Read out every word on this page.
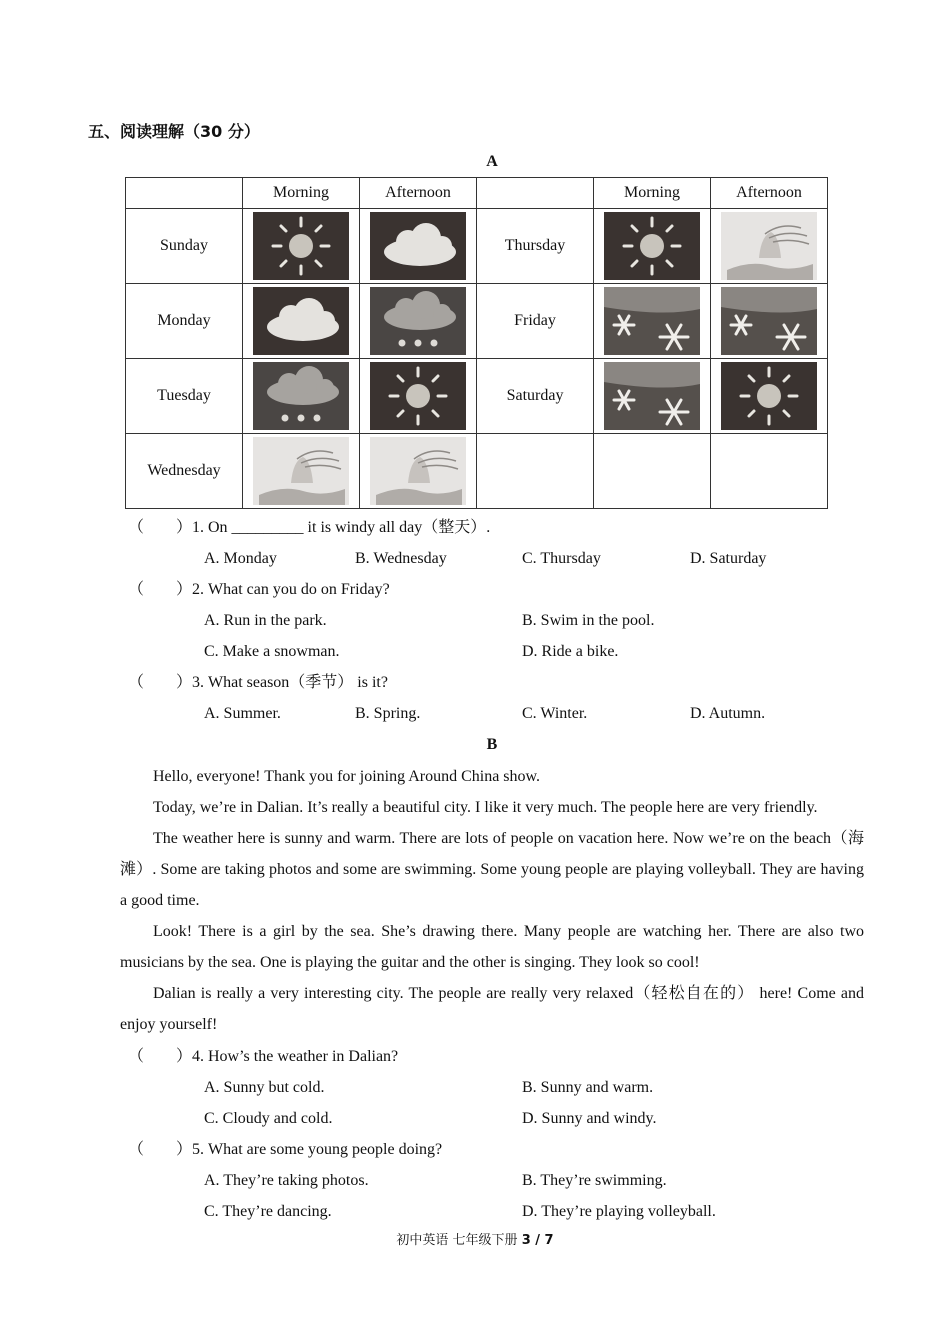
五、阅读理解（30 分）
A
	Morning	Afternoon		Morning	Afternoon
Sunday			Thursday	

Monday			Friday	

Tuesday			Saturday	

Wednesday	

（　　）1. On _________ it is windy all day（整天）.
A. Monday	B. Wednesday	C. Thursday	D. Saturday
（　　）2. What can you do on Friday?
A. Run in the park.	B. Swim in the pool.
C. Make a snowman.	D. Ride a bike.
（　　）3. What season（季节） is it?
A. Summer.	B. Spring.	C. Winter.	D. Autumn.
B

Hello, everyone! Thank you for joining Around China show.

Today, we’re in Dalian. It’s really a beautiful city. I like it very much. The people here are very friendly.

The weather here is sunny and warm. There are lots of people on vacation here. Now we’re on the beach（海滩）. Some are taking photos and some are swimming. Some young people are playing volleyball. They are having a good time.

Look! There is a girl by the sea. She’s drawing there. Many people are watching her. There are also two musicians by the sea. One is playing the guitar and the other is singing. They look so cool!

Dalian is really a very interesting city. The people are really very relaxed（轻松自在的） here! Come and enjoy yourself!

（　　）4. How’s the weather in Dalian?
A. Sunny but cold.	B. Sunny and warm.
C. Cloudy and cold.	D. Sunny and windy.
（　　）5. What are some young people doing?
A. They’re taking photos.	B. They’re swimming.
C. They’re dancing.	D. They’re playing volleyball.
初中英语 七年级下册 3 / 7
